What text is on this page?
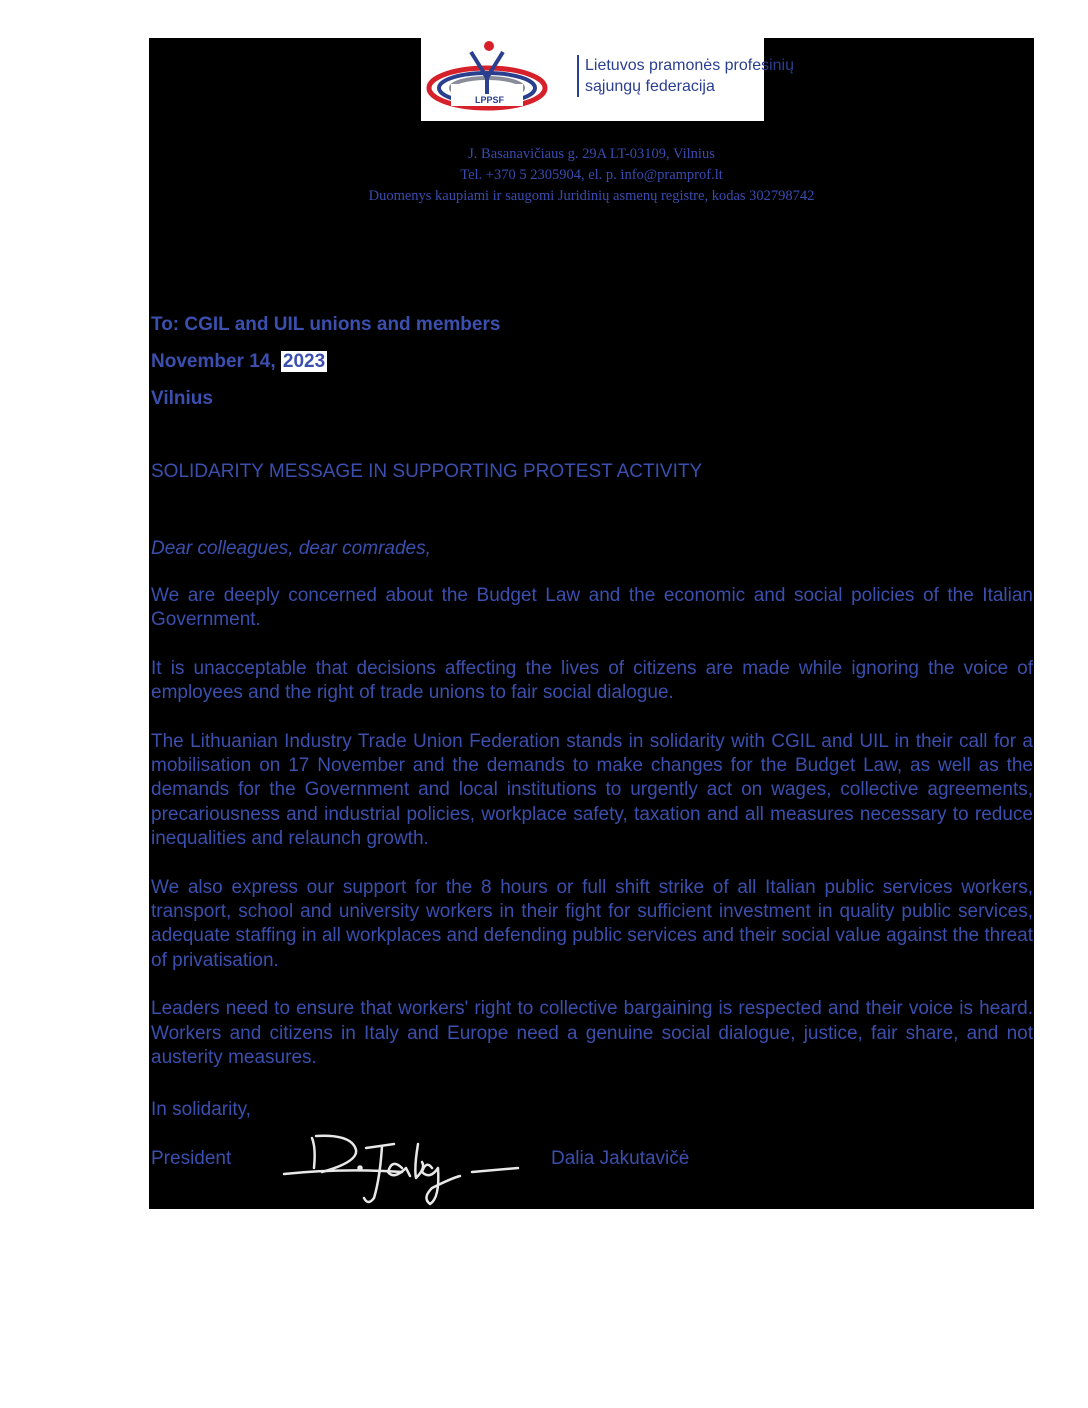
LPPSF
Lietuvos pramonės profesinių
sąjungų federacija
J. Basanavičiaus g. 29A LT-03109, Vilnius
Tel. +370 5 2305904, el. p. info@pramprof.lt
Duomenys kaupiami ir saugomi Juridinių asmenų registre, kodas 302798742
To: CGIL and UIL unions and members
November 14, 2023
Vilnius
SOLIDARITY MESSAGE IN SUPPORTING PROTEST ACTIVITY
Dear colleagues, dear comrades,

We are deeply concerned about the Budget Law and the economic and social policies of the Italian Government.

It is unacceptable that decisions affecting the lives of citizens are made while ignoring the voice of employees and the right of trade unions to fair social dialogue.

The Lithuanian Industry Trade Union Federation stands in solidarity with CGIL and UIL in their call for a mobilisation on 17 November and the demands to make changes for the Budget Law, as well as the demands for the Government and local institutions to urgently act on wages, collective agreements, precariousness and industrial policies, workplace safety, taxation and all measures necessary to reduce inequalities and relaunch growth.

We also express our support for the 8 hours or full shift strike of all Italian public services workers, transport, school and university workers in their fight for sufficient investment in quality public services, adequate staffing in all workplaces and defending public services and their social value against the threat of privatisation.

Leaders need to ensure that workers' right to collective bargaining is respected and their voice is heard. Workers and citizens in Italy and Europe need a genuine social dialogue, justice, fair share, and not austerity measures.

In solidarity,
President	Dalia Jakutavičė
